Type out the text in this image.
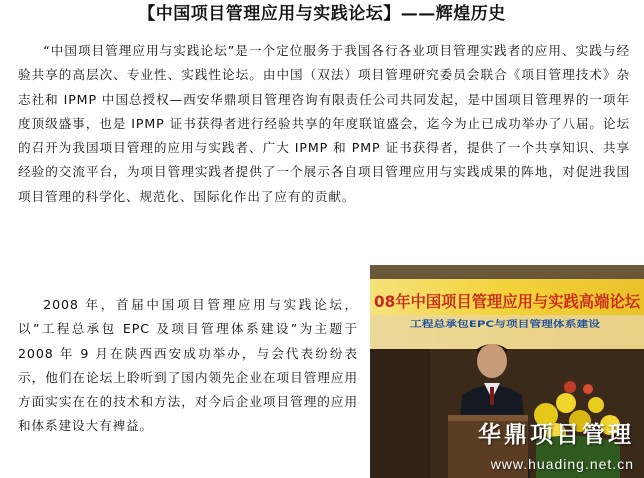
【中国项目管理应用与实践论坛】——辉煌历史

“中国项目管理应用与实践论坛”是一个定位服务于我国各行各业项目管理实践者的应用、实践与经验共享的高层次、专业性、实践性论坛。由中国（双法）项目管理研究委员会联合《项目管理技术》杂志社和 IPMP 中国总授权—西安华鼎项目管理咨询有限责任公司共同发起，是中国项目管理界的一项年度顶级盛事，也是 IPMP 证书获得者进行经验共享的年度联谊盛会，迄今为止已成功举办了八届。论坛的召开为我国项目管理的应用与实践者、广大 IPMP 和 PMP 证书获得者，提供了一个共享知识、共享经验的交流平台，为项目管理实践者提供了一个展示各自项目管理应用与实践成果的阵地，对促进我国项目管理的科学化、规范化、国际化作出了应有的贡献。

2008 年，首届中国项目管理应用与实践论坛，以”工程总承包 EPC 及项目管理体系建设”为主题于 2008 年 9 月在陕西西安成功举办，与会代表纷纷表示，他们在论坛上聆听到了国内领先企业在项目管理应用方面实实在在的技术和方法，对今后企业项目管理的应用和体系建设大有裨益。

08年中国项目管理应用与实践高端论坛
工程总承包EPC与项目管理体系建设
华鼎项目管理
www.huading.net.cn
